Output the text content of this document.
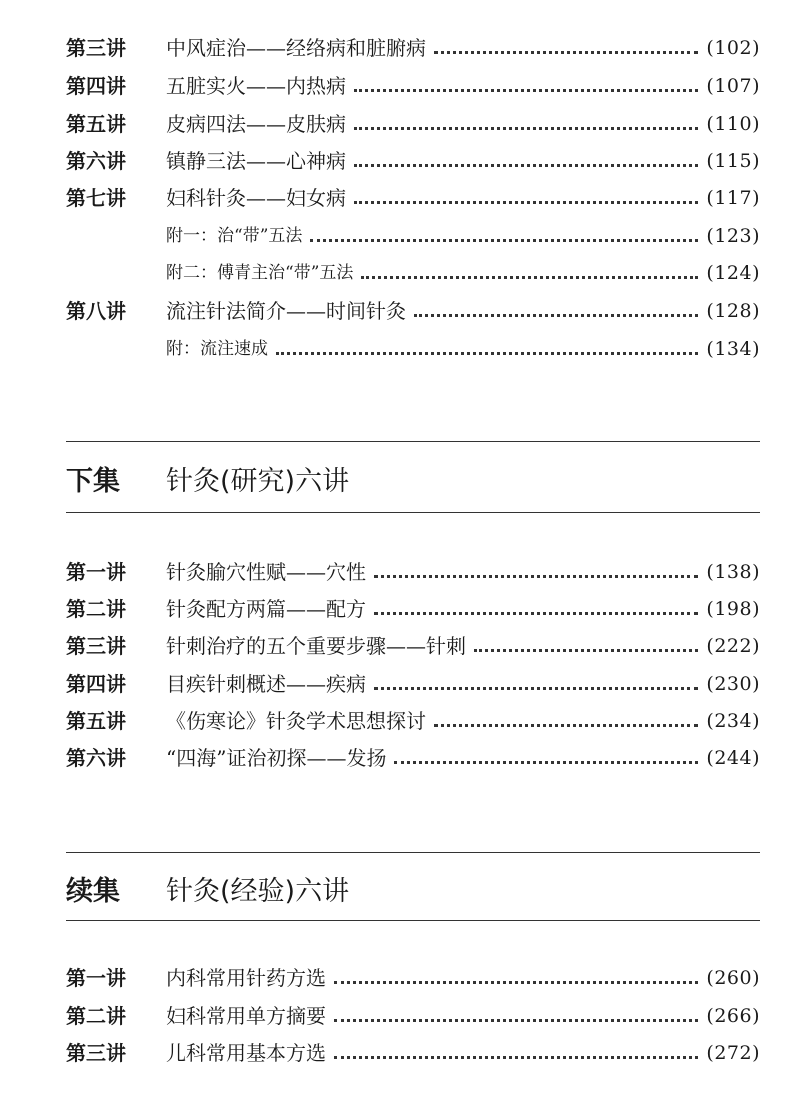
第三讲	中风症治——经络病和脏腑病	(102)
第四讲	五脏实火——内热病	(107)
第五讲	皮病四法——皮肤病	(110)
第六讲	镇静三法——心神病	(115)
第七讲	妇科针灸——妇女病	(117)
附一：治“带”五法	(123)
附二：傅青主治“带”五法	(124)
第八讲	流注针法简介——时间针灸	(128)
附：流注速成	(134)
下集	针灸(研究)六讲
第一讲	针灸腧穴性赋——穴性	(138)
第二讲	针灸配方两篇——配方	(198)
第三讲	针刺治疗的五个重要步骤——针刺	(222)
第四讲	目疾针刺概述——疾病	(230)
第五讲	《伤寒论》针灸学术思想探讨	(234)
第六讲	“四海”证治初探——发扬	(244)
续集	针灸(经验)六讲
第一讲	内科常用针药方选	(260)
第二讲	妇科常用单方摘要	(266)
第三讲	儿科常用基本方选	(272)
